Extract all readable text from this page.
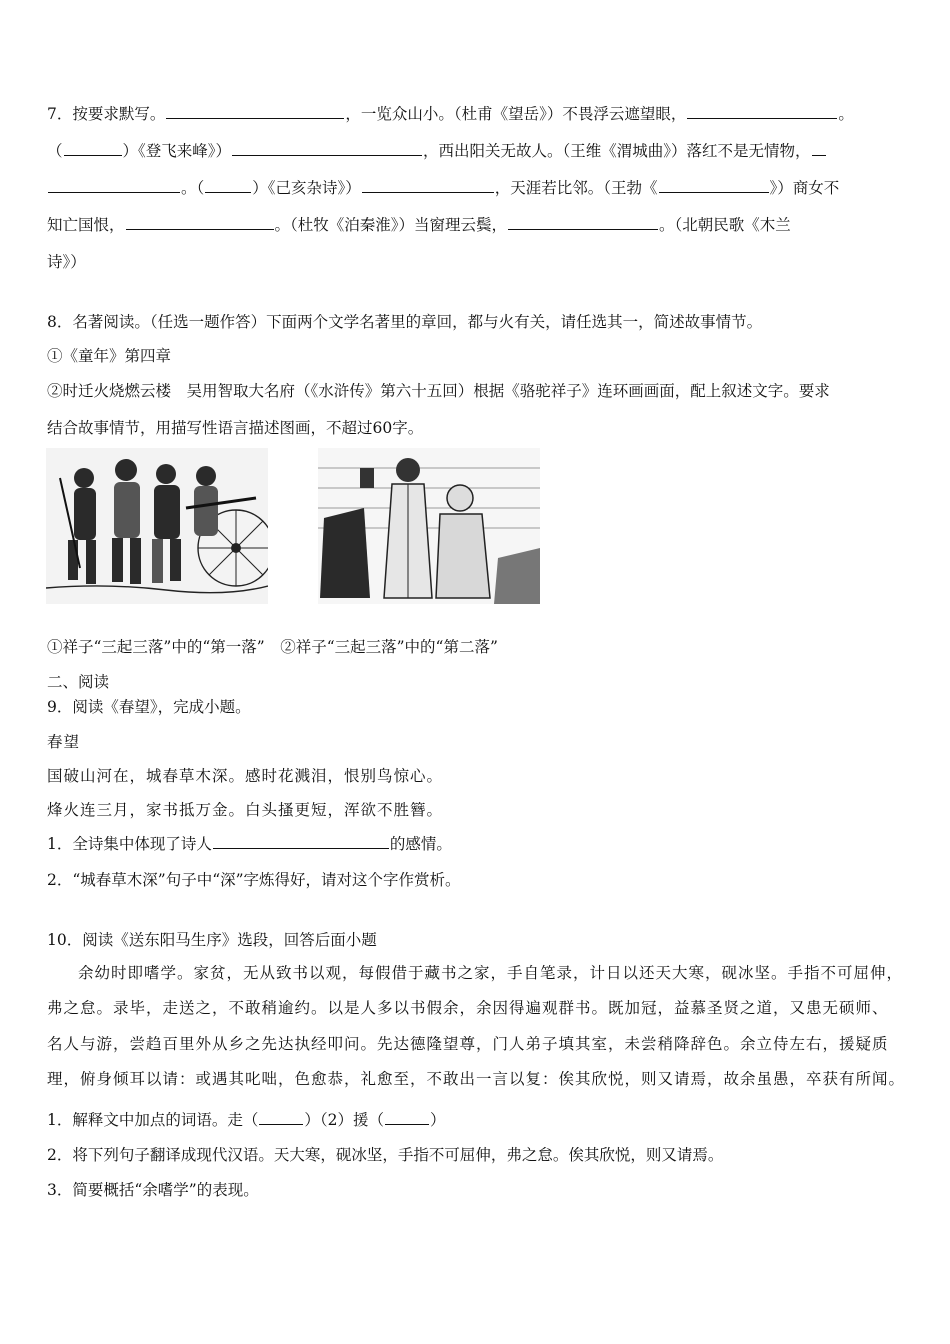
7．按要求默写。	，一览众山小。（杜甫《望岳》）不畏浮云遮望眼，	。
（	）《登飞来峰》）	，西出阳关无故人。（王维《渭城曲》）落红不是无情物，
。（	）《己亥杂诗》）	，天涯若比邻。（王勃《	》）商女不
知亡国恨，	。（杜牧《泊秦淮》）当窗理云鬓，	。（北朝民歌《木兰
诗》）
8．名著阅读。（任选一题作答）下面两个文学名著里的章回，都与火有关，请任选其一，简述故事情节。
①《童年》第四章
②时迁火烧燃云楼　吴用智取大名府（《水浒传》第六十五回）根据《骆驼祥子》连环画画面，配上叙述文字。要求
结合故事情节，用描写性语言描述图画，不超过60字。
①祥子“三起三落”中的“第一落”　②祥子“三起三落”中的“第二落”
二、阅读
9．阅读《春望》，完成小题。
春望
国破山河在，城春草木深。感时花溅泪，恨别鸟惊心。
烽火连三月，家书抵万金。白头搔更短，浑欲不胜簪。
1．全诗集中体现了诗人	的感情。
2．“城春草木深”句子中“深”字炼得好，请对这个字作赏析。
10．阅读《送东阳马生序》选段，回答后面小题
余幼时即嗜学。家贫，无从致书以观，每假借于藏书之家，手自笔录，计日以还天大寒，砚冰坚。手指不可屈伸，
弗之怠。录毕，走送之，不敢稍逾约。以是人多以书假余，余因得遍观群书。既加冠，益慕圣贤之道，又患无硕师、
名人与游，尝趋百里外从乡之先达执经叩问。先达德隆望尊，门人弟子填其室，未尝稍降辞色。余立侍左右，援疑质
理，俯身倾耳以请：或遇其叱咄，色愈恭，礼愈至，不敢出一言以复：俟其欣悦，则又请焉，故余虽愚，卒获有所闻。
1．解释文中加点的词语。走（	）（2）援（	）
2．将下列句子翻译成现代汉语。天大寒，砚冰坚，手指不可屈伸，弗之怠。俟其欣悦，则又请焉。
3．简要概括“余嗜学”的表现。
